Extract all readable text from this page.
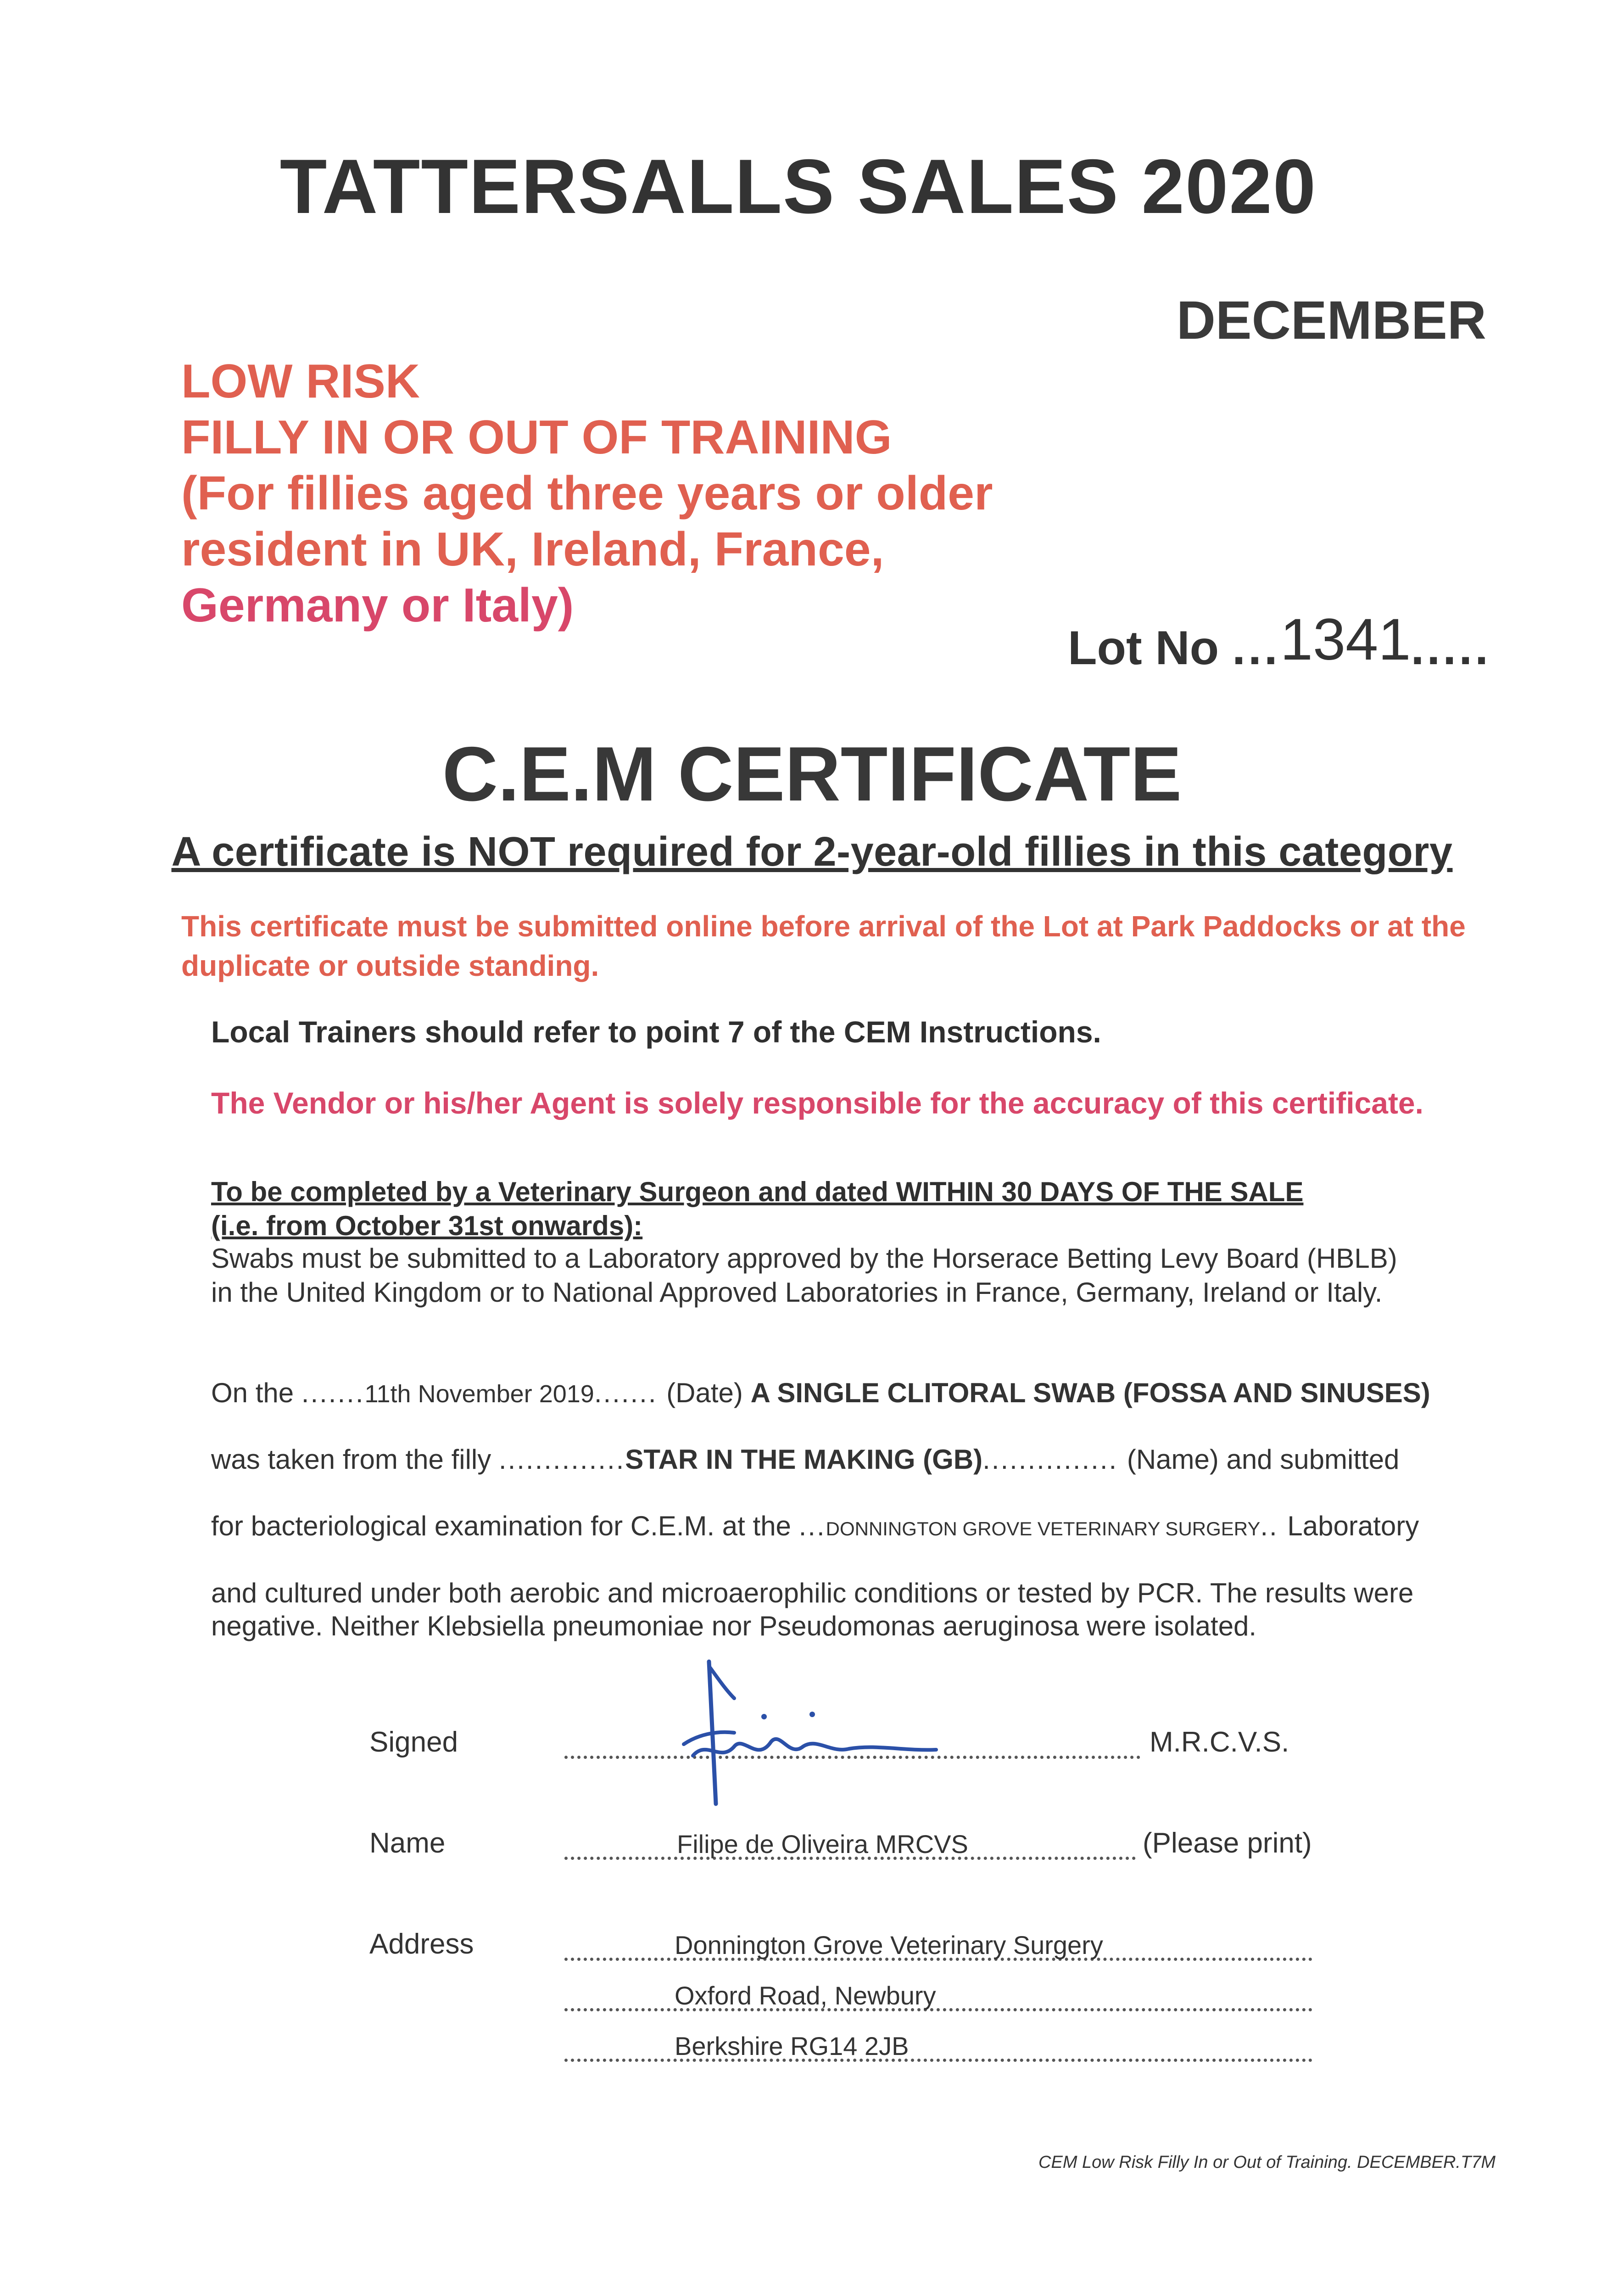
TATTERSALLS SALES 2020
DECEMBER
LOW RISK
FILLY IN OR OUT OF TRAINING
(For fillies aged three years or older
resident in UK, Ireland, France,
Germany or Italy)
Lot No ...1341.....
C.E.M CERTIFICATE
A certificate is NOT required for 2-year-old fillies in this category
This certificate must be submitted online before arrival of the Lot at Park Paddocks or at the duplicate or outside standing.
Local Trainers should refer to point 7 of the CEM Instructions.
The Vendor or his/her Agent is solely responsible for the accuracy of this certificate.
To be completed by a Veterinary Surgeon and dated WITHIN 30 DAYS OF THE SALE
(i.e. from October 31st onwards):
Swabs must be submitted to a Laboratory approved by the Horserace Betting Levy Board (HBLB)
in the United Kingdom or to National Approved Laboratories in France, Germany, Ireland or Italy.
On the .......11th November 2019....... (Date) A SINGLE CLITORAL SWAB (FOSSA AND SINUSES)
was taken from the filly ..............STAR IN THE MAKING (GB)............... (Name) and submitted
for bacteriological examination for C.E.M. at the ...DONNINGTON GROVE VETERINARY SURGERY.. Laboratory
and cultured under both aerobic and microaerophilic conditions or tested by PCR. The results were
negative. Neither Klebsiella pneumoniae nor Pseudomonas aeruginosa were isolated.
Signed	M.R.C.V.S.
Name	Filipe de Oliveira MRCVS	(Please print)
Address	Donnington Grove Veterinary Surgery
Oxford Road, Newbury
Berkshire RG14 2JB
CEM Low Risk Filly In or Out of Training. DECEMBER.T7M
